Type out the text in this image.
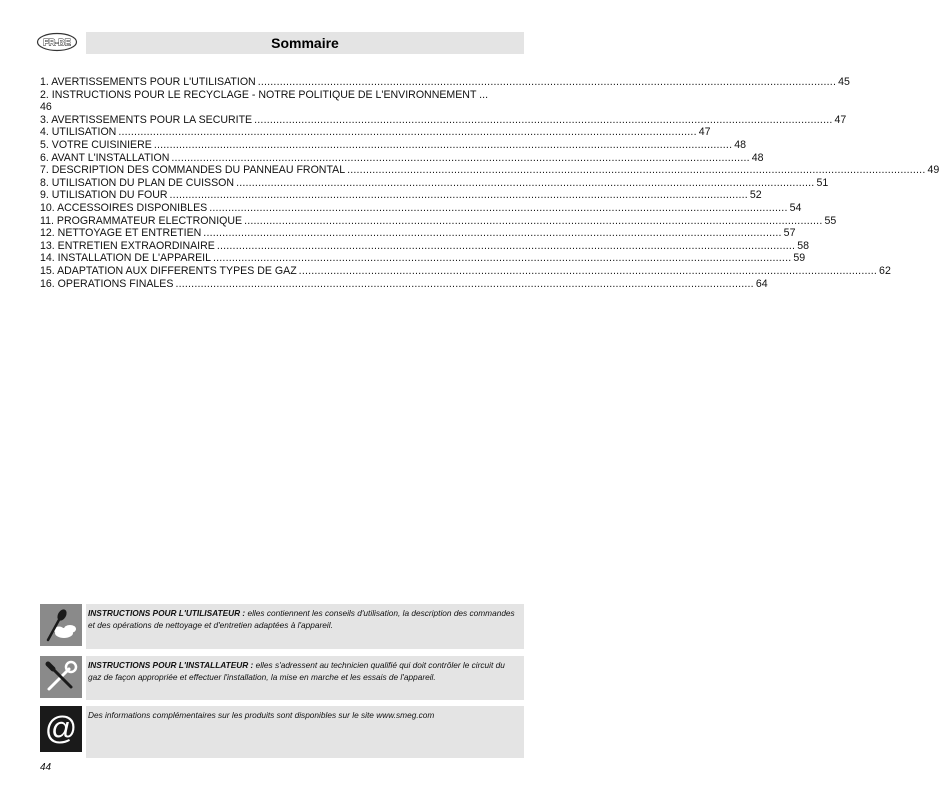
FR-BE	Sommaire
1. AVERTISSEMENTS POUR L'UTILISATION ........................................................................................................................................................................................ 45
2. INSTRUCTIONS POUR LE RECYCLAGE - NOTRE POLITIQUE DE L'ENVIRONNEMENT ...
46
3. AVERTISSEMENTS POUR LA SECURITE ........................................................................................................................................................................................ 47
4. UTILISATION ........................................................................................................................................................................................ 47
5. VOTRE CUISINIERE ........................................................................................................................................................................................ 48
6. AVANT L'INSTALLATION ........................................................................................................................................................................................ 48
7. DESCRIPTION DES COMMANDES DU PANNEAU FRONTAL ........................................................................................................................................................................................ 49
8. UTILISATION DU PLAN DE CUISSON ........................................................................................................................................................................................ 51
9. UTILISATION DU FOUR ........................................................................................................................................................................................ 52
10. ACCESSOIRES DISPONIBLES ........................................................................................................................................................................................ 54
11. PROGRAMMATEUR ELECTRONIQUE ........................................................................................................................................................................................ 55
12. NETTOYAGE ET ENTRETIEN ........................................................................................................................................................................................ 57
13. ENTRETIEN EXTRAORDINAIRE ........................................................................................................................................................................................ 58
14. INSTALLATION DE L'APPAREIL ........................................................................................................................................................................................ 59
15. ADAPTATION AUX DIFFERENTS TYPES DE GAZ ........................................................................................................................................................................................ 62
16. OPERATIONS FINALES ........................................................................................................................................................................................ 64
INSTRUCTIONS POUR L'UTILISATEUR : elles contiennent les conseils d'utilisation, la description des commandes et des opérations de nettoyage et d'entretien adaptées à l'appareil.
INSTRUCTIONS POUR L'INSTALLATEUR : elles s'adressent au technicien qualifié qui doit contrôler le circuit du gaz de façon appropriée et effectuer l'installation, la mise en marche et les essais de l'appareil.
@ Des informations complémentaires sur les produits sont disponibles sur le site www.smeg.com
44
